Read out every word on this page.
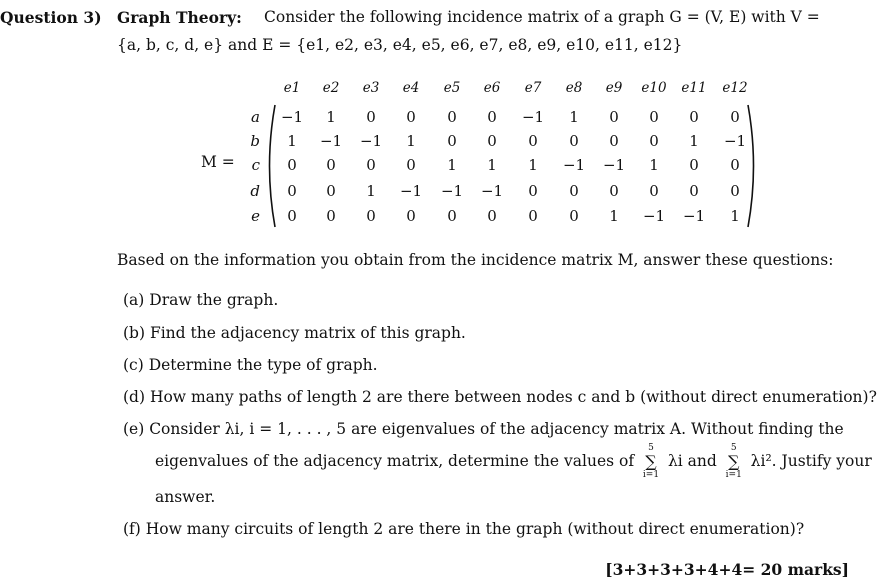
Question 3) Graph Theory: Consider the following incidence matrix of a graph G = (V, E) with V =
{a, b, c, d, e} and E = {e1, e2, e3, e4, e5, e6, e7, e8, e9, e10, e11, e12}
M =
e1	e2	e3	e4	e5	e6	e7	e8	e9	e10	e11	e12
a	−1	1	0	0	0	0	−1	1	0	0	0	0
b	1	−1	−1	1	0	0	0	0	0	0	1	−1
c	0	0	0	0	1	1	1	−1	−1	1	0	0
d	0	0	1	−1	−1	−1	0	0	0	0	0	0
e	0	0	0	0	0	0	0	0	1	−1	−1	1
Based on the information you obtain from the incidence matrix M, answer these questions:
(a) Draw the graph.
(b) Find the adjacency matrix of this graph.
(c) Determine the type of graph.
(d) How many paths of length 2 are there between nodes c and b (without direct enumeration)?
(e) Consider λi, i = 1, . . . , 5 are eigenvalues of the adjacency matrix A. Without finding the
eigenvalues of the adjacency matrix, determine the values of
5
∑
i=1
λi and
5
∑
i=1
λi². Justify your
answer.
(f) How many circuits of length 2 are there in the graph (without direct enumeration)?
[3+3+3+3+4+4= 20 marks]
